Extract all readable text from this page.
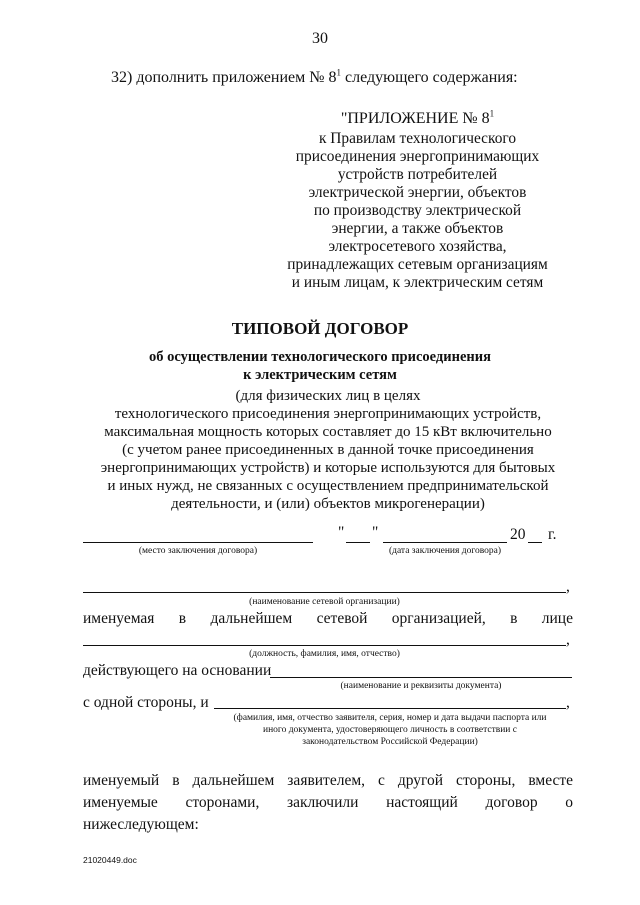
30
32) дополнить приложением № $8^1$ следующего содержания:
"ПРИЛОЖЕНИЕ № $8^1$
к Правилам технологического
присоединения энергопринимающих
устройств потребителей
электрической энергии, объектов
по производству электрической
энергии, а также объектов
электросетевого хозяйства,
принадлежащих сетевым организациям
и иным лицам, к электрическим сетям
ТИПОВОЙ ДОГОВОР
об осуществлении технологического присоединения
к электрическим сетям
(для физических лиц в целях
технологического присоединения энергопринимающих устройств,
максимальная мощность которых составляет до 15 кВт включительно
(с учетом ранее присоединенных в данной точке присоединения
энергопринимающих устройств) и которые используются для бытовых
и иных нужд, не связанных с осуществлением предпринимательской
деятельности, и (или) объектов микрогенерации)
(место заключения договора)
" "	20 г.
(дата заключения договора)
,
(наименование сетевой организации)
именуемая в дальнейшем сетевой организацией, в лице
,
(должность, фамилия, имя, отчество)
действующего на основании
(наименование и реквизиты документа)
с одной стороны, и	,
(фамилия, имя, отчество заявителя, серия, номер и дата выдачи паспорта или
иного документа, удостоверяющего личность в соответствии с
законодательством Российской Федерации)
именуемый в дальнейшем заявителем, с другой стороны, вместе именуемые сторонами, заключили настоящий договор о нижеследующем:
21020449.doc
